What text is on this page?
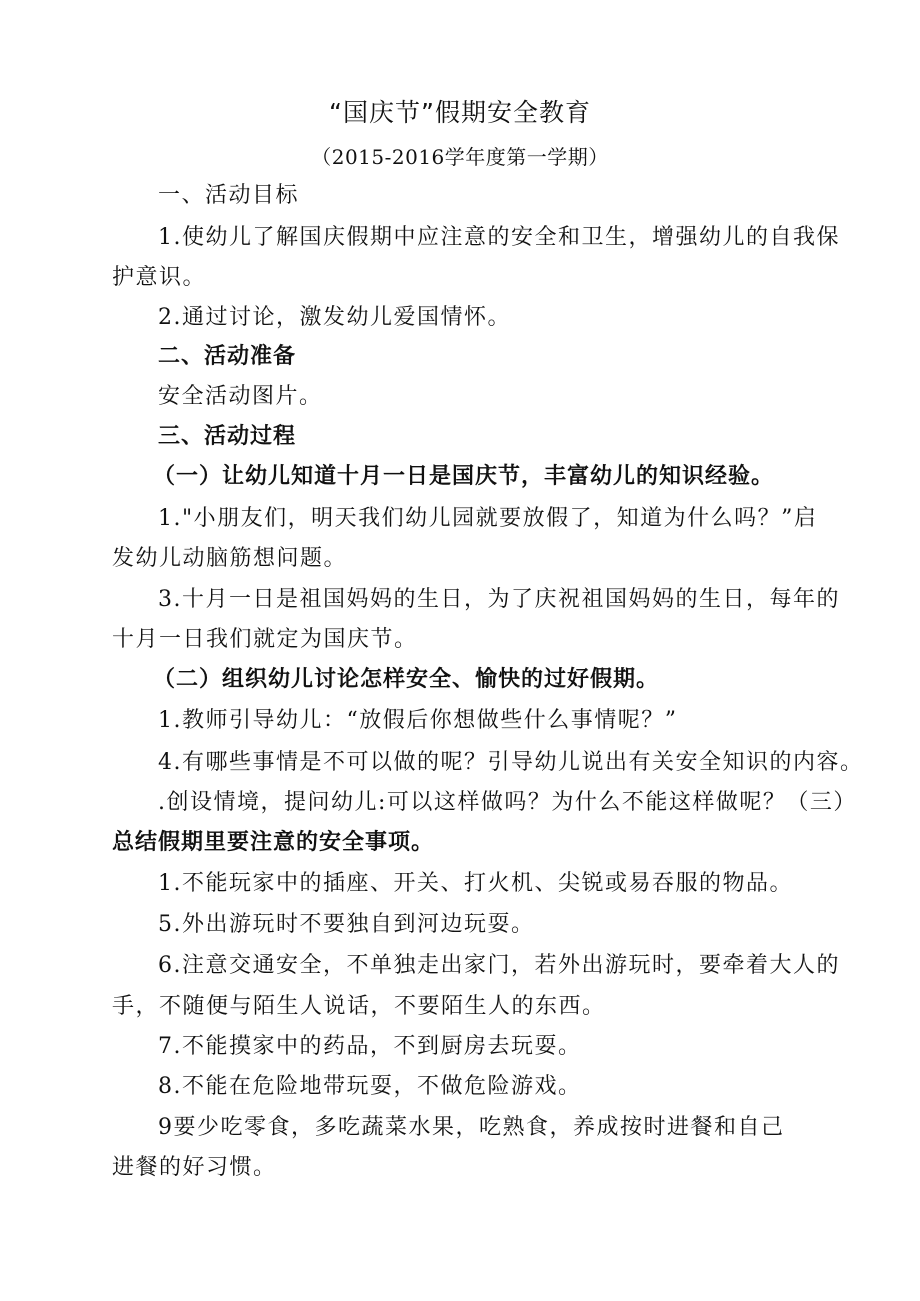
“国庆节”假期安全教育
（2015-2016学年度第一学期）
一、活动目标
1.使幼儿了解国庆假期中应注意的安全和卫生，增强幼儿的自我保
护意识。
2.通过讨论，激发幼儿爱国情怀。
二、活动准备
安全活动图片。
三、活动过程
（一）让幼儿知道十月一日是国庆节，丰富幼儿的知识经验。
1."小朋友们，明天我们幼儿园就要放假了，知道为什么吗？”启
发幼儿动脑筋想问题。
3.十月一日是祖国妈妈的生日，为了庆祝祖国妈妈的生日，每年的
十月一日我们就定为国庆节。
（二）组织幼儿讨论怎样安全、愉快的过好假期。
1.教师引导幼儿：“放假后你想做些什么事情呢？”
4.有哪些事情是不可以做的呢？引导幼儿说出有关安全知识的内容。
.创设情境，提问幼儿:可以这样做吗？为什么不能这样做呢？（三）
总结假期里要注意的安全事项。
1.不能玩家中的插座、开关、打火机、尖锐或易吞服的物品。
5.外出游玩时不要独自到河边玩耍。
6.注意交通安全，不单独走出家门，若外出游玩时，要牵着大人的
手，不随便与陌生人说话，不要陌生人的东西。
7.不能摸家中的药品，不到厨房去玩耍。
8.不能在危险地带玩耍，不做危险游戏。
9要少吃零食，多吃蔬菜水果，吃熟食，养成按时进餐和自己
进餐的好习惯。
